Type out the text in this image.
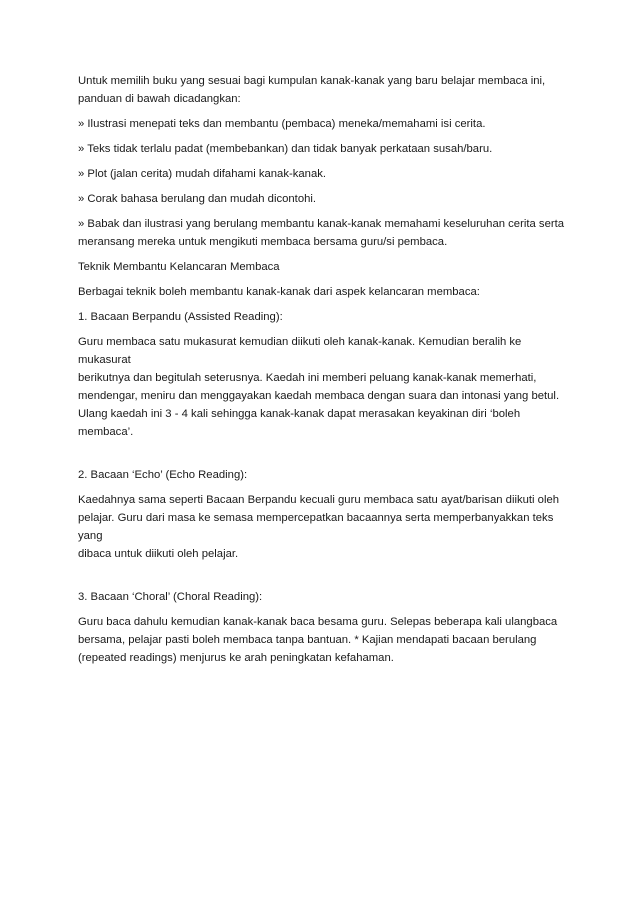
Untuk memilih buku yang sesuai bagi kumpulan kanak-kanak yang baru belajar membaca ini,
panduan di bawah dicadangkan:

» Ilustrasi menepati teks dan membantu (pembaca) meneka/memahami isi cerita.

» Teks tidak terlalu padat (membebankan) dan tidak banyak perkataan susah/baru.

» Plot (jalan cerita) mudah difahami kanak-kanak.

» Corak bahasa berulang dan mudah dicontohi.

» Babak dan ilustrasi yang berulang membantu kanak-kanak memahami keseluruhan cerita serta
meransang mereka untuk mengikuti membaca bersama guru/si pembaca.

Teknik Membantu Kelancaran Membaca

Berbagai teknik boleh membantu kanak-kanak dari aspek kelancaran membaca:

1. Bacaan Berpandu (Assisted Reading):

Guru membaca satu mukasurat kemudian diikuti oleh kanak-kanak. Kemudian beralih ke mukasurat
berikutnya dan begitulah seterusnya. Kaedah ini memberi peluang kanak-kanak memerhati,
mendengar, meniru dan menggayakan kaedah membaca dengan suara dan intonasi yang betul.
Ulang kaedah ini 3 - 4 kali sehingga kanak-kanak dapat merasakan keyakinan diri ‘boleh membaca’.

2. Bacaan ‘Echo’ (Echo Reading):

Kaedahnya sama seperti Bacaan Berpandu kecuali guru membaca satu ayat/barisan diikuti oleh
pelajar. Guru dari masa ke semasa mempercepatkan bacaannya serta memperbanyakkan teks yang
dibaca untuk diikuti oleh pelajar.

3. Bacaan ‘Choral’ (Choral Reading):

Guru baca dahulu kemudian kanak-kanak baca besama guru. Selepas beberapa kali ulangbaca
bersama, pelajar pasti boleh membaca tanpa bantuan. * Kajian mendapati bacaan berulang
(repeated readings) menjurus ke arah peningkatan kefahaman.
